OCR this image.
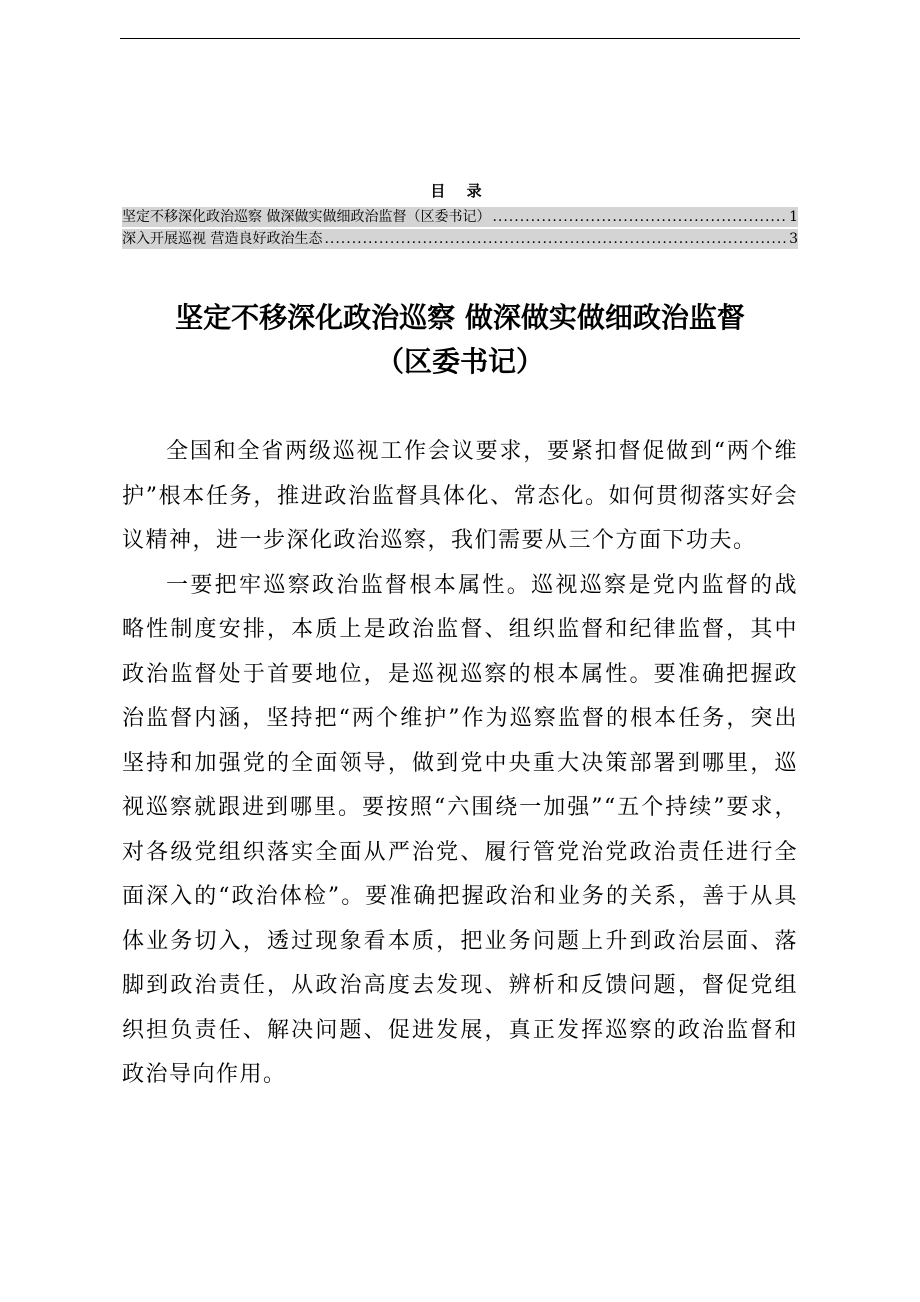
目 录
坚定不移深化政治巡察 做深做实做细政治监督（区委书记） .....	1
深入开展巡视 营造良好政治生态 .....	3
坚定不移深化政治巡察 做深做实做细政治监督
（区委书记）

全国和全省两级巡视工作会议要求，要紧扣督促做到“两个维护”根本任务，推进政治监督具体化、常态化。如何贯彻落实好会议精神，进一步深化政治巡察，我们需要从三个方面下功夫。

一要把牢巡察政治监督根本属性。巡视巡察是党内监督的战略性制度安排，本质上是政治监督、组织监督和纪律监督，其中政治监督处于首要地位，是巡视巡察的根本属性。要准确把握政治监督内涵，坚持把“两个维护”作为巡察监督的根本任务，突出坚持和加强党的全面领导，做到党中央重大决策部署到哪里，巡视巡察就跟进到哪里。要按照“六围绕一加强”“五个持续”要求，对各级党组织落实全面从严治党、履行管党治党政治责任进行全面深入的“政治体检”。要准确把握政治和业务的关系，善于从具体业务切入，透过现象看本质，把业务问题上升到政治层面、落脚到政治责任，从政治高度去发现、辨析和反馈问题，督促党组织担负责任、解决问题、促进发展，真正发挥巡察的政治监督和政治导向作用。
